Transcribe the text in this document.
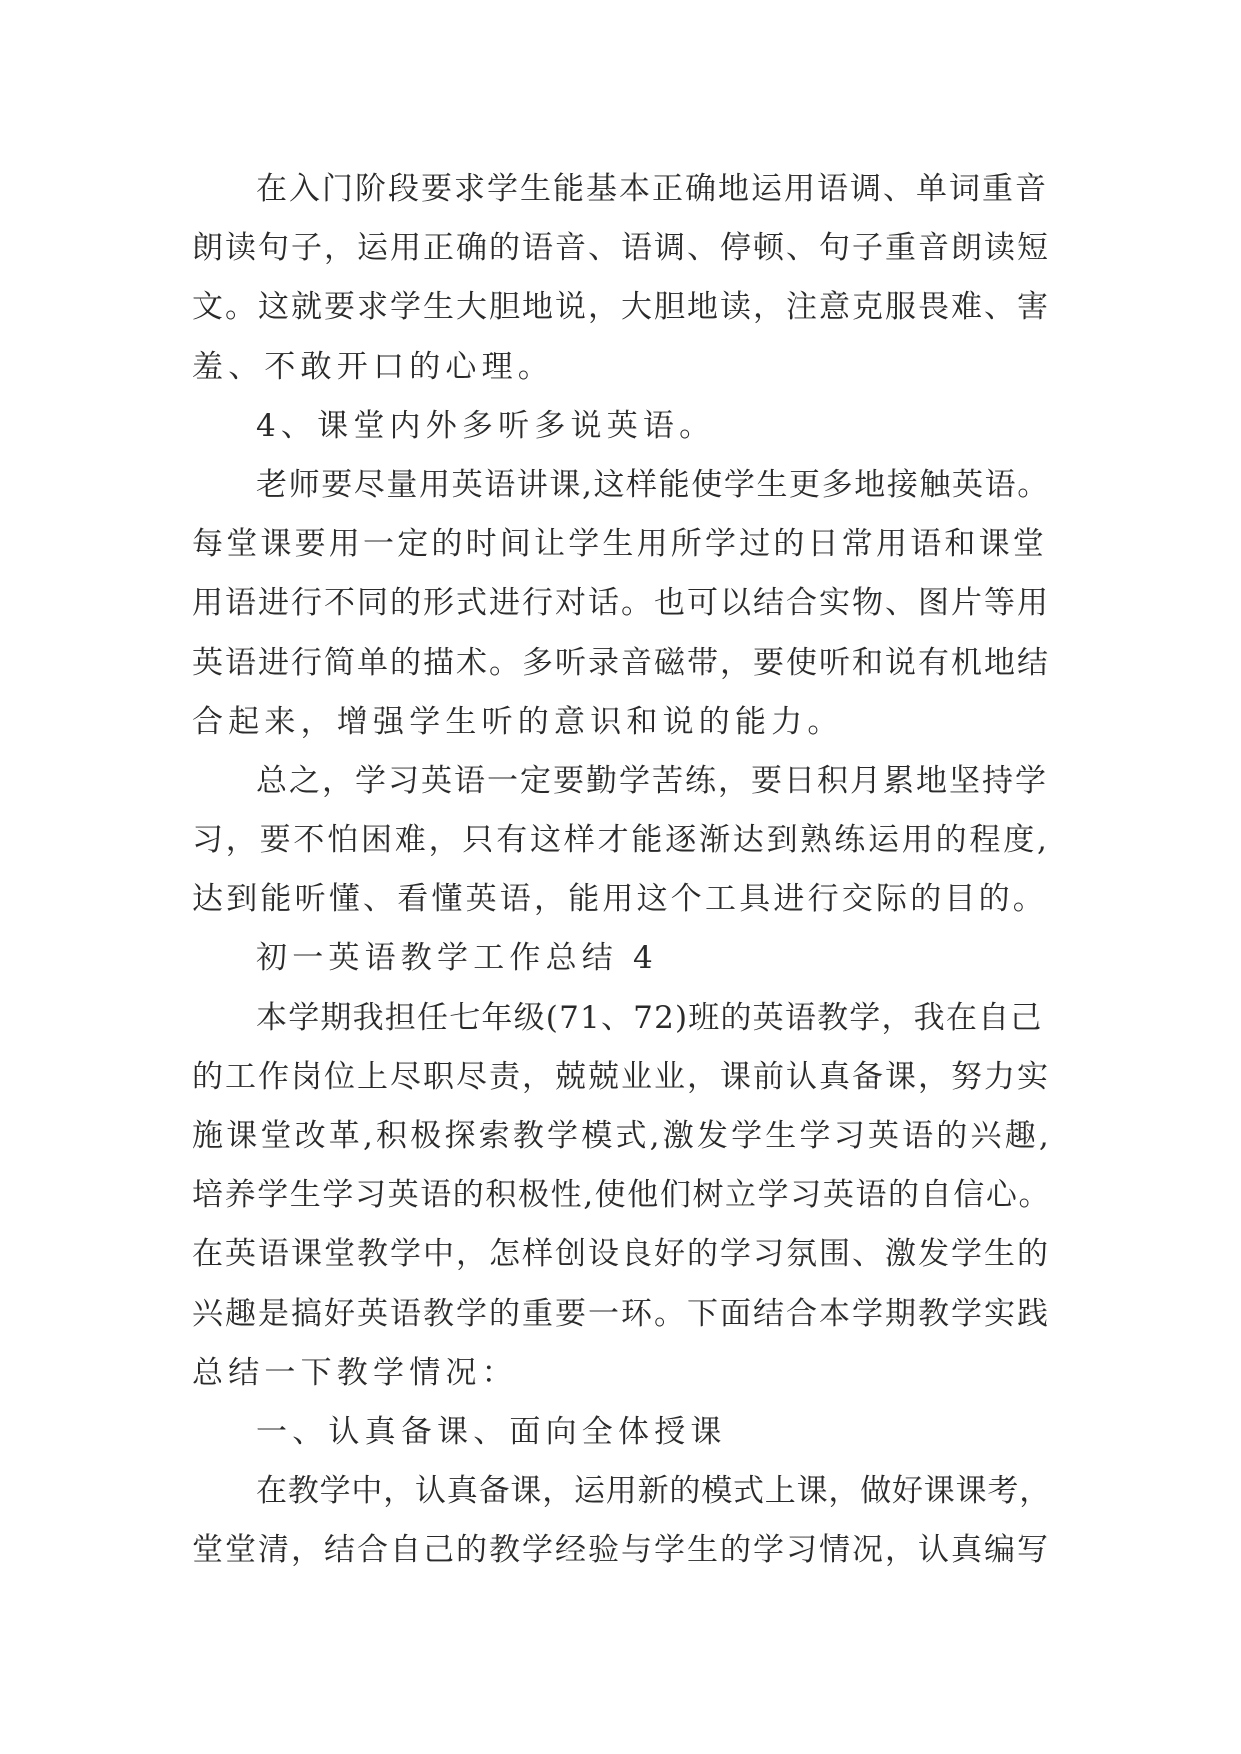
在入门阶段要求学生能基本正确地运用语调、单词重音
朗读句子，运用正确的语音、语调、停顿、句子重音朗读短
文。这就要求学生大胆地说，大胆地读，注意克服畏难、害
羞、不敢开口的心理。
4、课堂内外多听多说英语。
老师要尽量用英语讲课,这样能使学生更多地接触英语。
每堂课要用一定的时间让学生用所学过的日常用语和课堂
用语进行不同的形式进行对话。也可以结合实物、图片等用
英语进行简单的描术。多听录音磁带，要使听和说有机地结
合起来，增强学生听的意识和说的能力。
总之，学习英语一定要勤学苦练，要日积月累地坚持学
习，要不怕困难，只有这样才能逐渐达到熟练运用的程度,
达到能听懂、看懂英语，能用这个工具进行交际的目的。
初一英语教学工作总结 4
本学期我担任七年级(71、72)班的英语教学，我在自己
的工作岗位上尽职尽责，兢兢业业，课前认真备课，努力实
施课堂改革,积极探索教学模式,激发学生学习英语的兴趣,
培养学生学习英语的积极性,使他们树立学习英语的自信心。
在英语课堂教学中，怎样创设良好的学习氛围、激发学生的
兴趣是搞好英语教学的重要一环。下面结合本学期教学实践
总结一下教学情况：
一、认真备课、面向全体授课
在教学中，认真备课，运用新的模式上课，做好课课考，
堂堂清，结合自己的教学经验与学生的学习情况，认真编写
